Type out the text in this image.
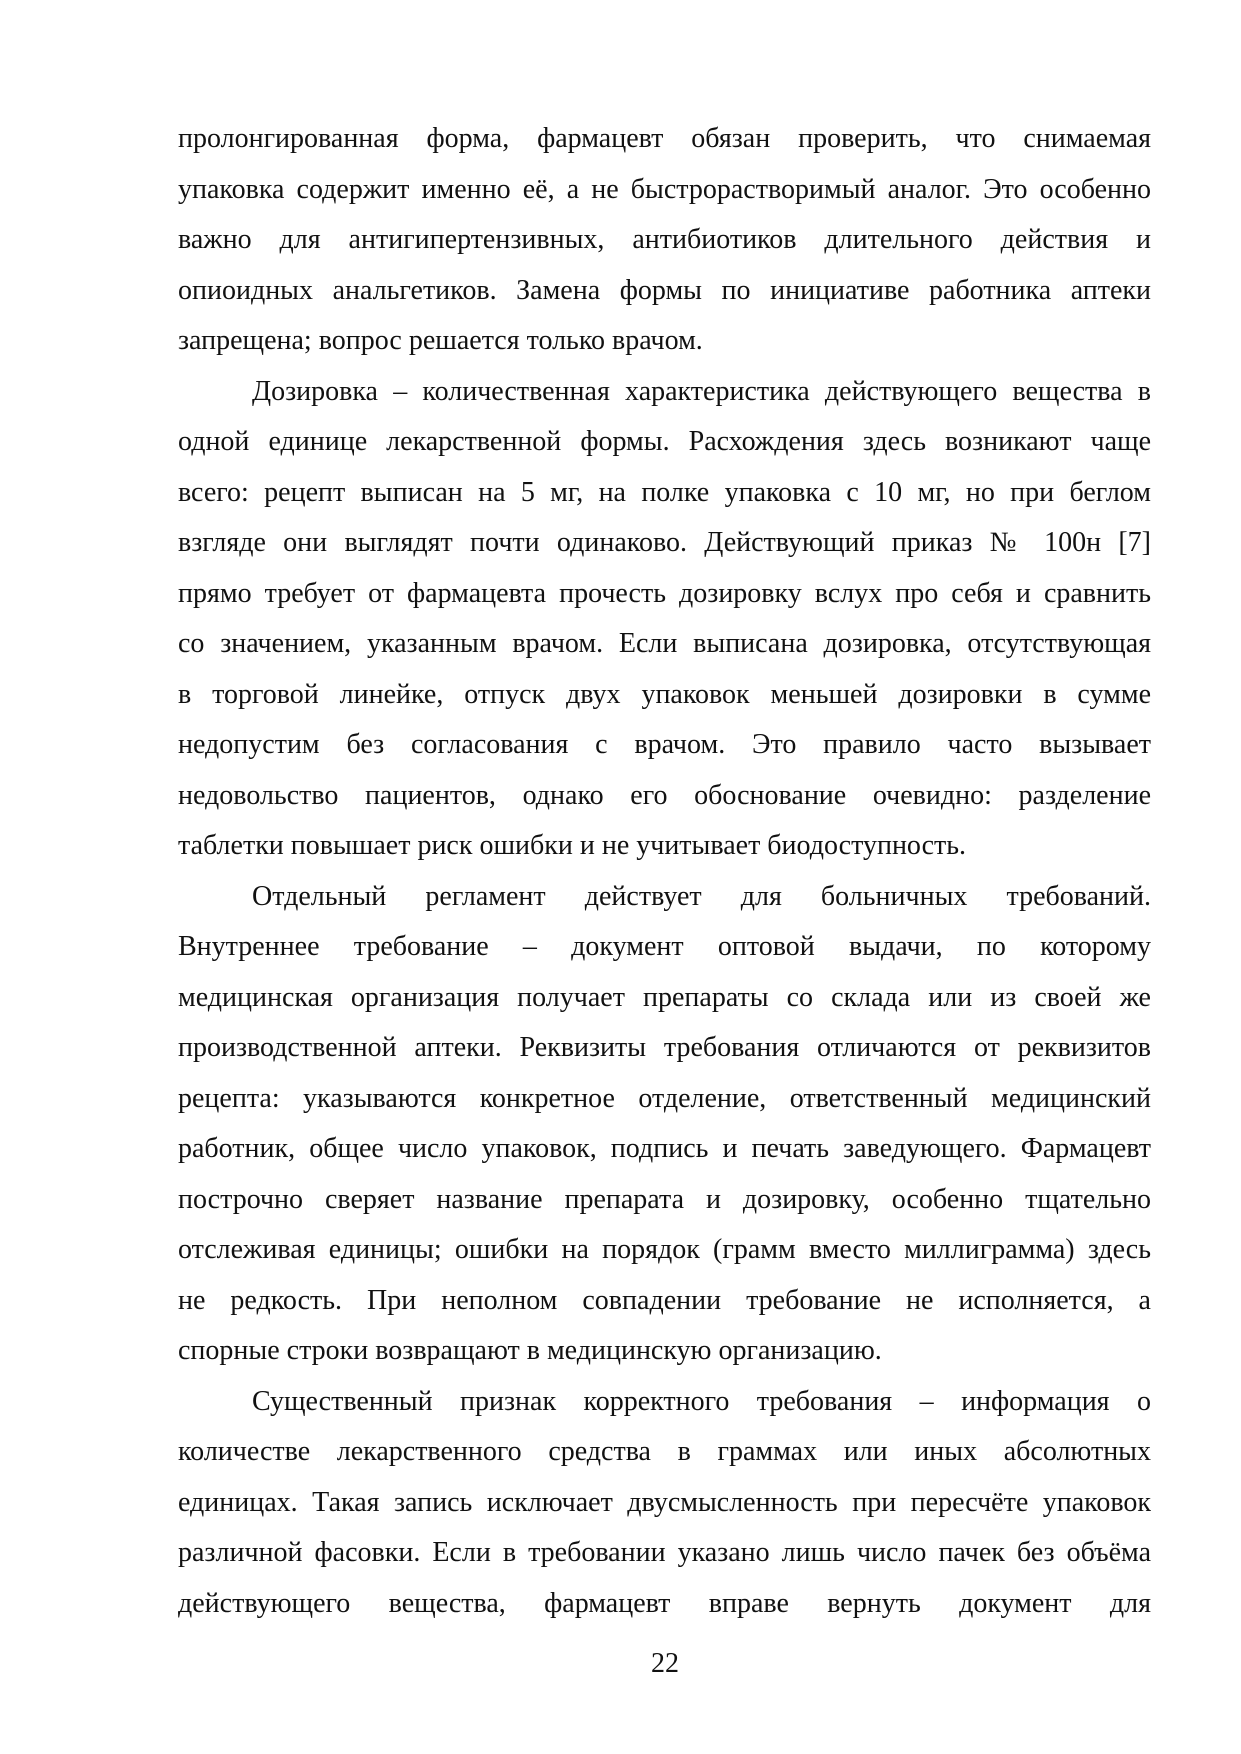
пролонгированная форма, фармацевт обязан проверить, что снимаемая
упаковка содержит именно её, а не быстрорастворимый аналог. Это особенно
важно для антигипертензивных, антибиотиков длительного действия и
опиоидных анальгетиков. Замена формы по инициативе работника аптеки
запрещена; вопрос решается только врачом.
Дозировка – количественная характеристика действующего вещества в
одной единице лекарственной формы. Расхождения здесь возникают чаще
всего: рецепт выписан на 5 мг, на полке упаковка с 10 мг, но при беглом
взгляде они выглядят почти одинаково. Действующий приказ № 100н [7]
прямо требует от фармацевта прочесть дозировку вслух про себя и сравнить
со значением, указанным врачом. Если выписана дозировка, отсутствующая
в торговой линейке, отпуск двух упаковок меньшей дозировки в сумме
недопустим без согласования с врачом. Это правило часто вызывает
недовольство пациентов, однако его обоснование очевидно: разделение
таблетки повышает риск ошибки и не учитывает биодоступность.
Отдельный регламент действует для больничных требований.
Внутреннее требование – документ оптовой выдачи, по которому
медицинская организация получает препараты со склада или из своей же
производственной аптеки. Реквизиты требования отличаются от реквизитов
рецепта: указываются конкретное отделение, ответственный медицинский
работник, общее число упаковок, подпись и печать заведующего. Фармацевт
построчно сверяет название препарата и дозировку, особенно тщательно
отслеживая единицы; ошибки на порядок (грамм вместо миллиграмма) здесь
не редкость. При неполном совпадении требование не исполняется, а
спорные строки возвращают в медицинскую организацию.
Существенный признак корректного требования – информация о
количестве лекарственного средства в граммах или иных абсолютных
единицах. Такая запись исключает двусмысленность при пересчёте упаковок
различной фасовки. Если в требовании указано лишь число пачек без объёма
действующего вещества, фармацевт вправе вернуть документ для
22
